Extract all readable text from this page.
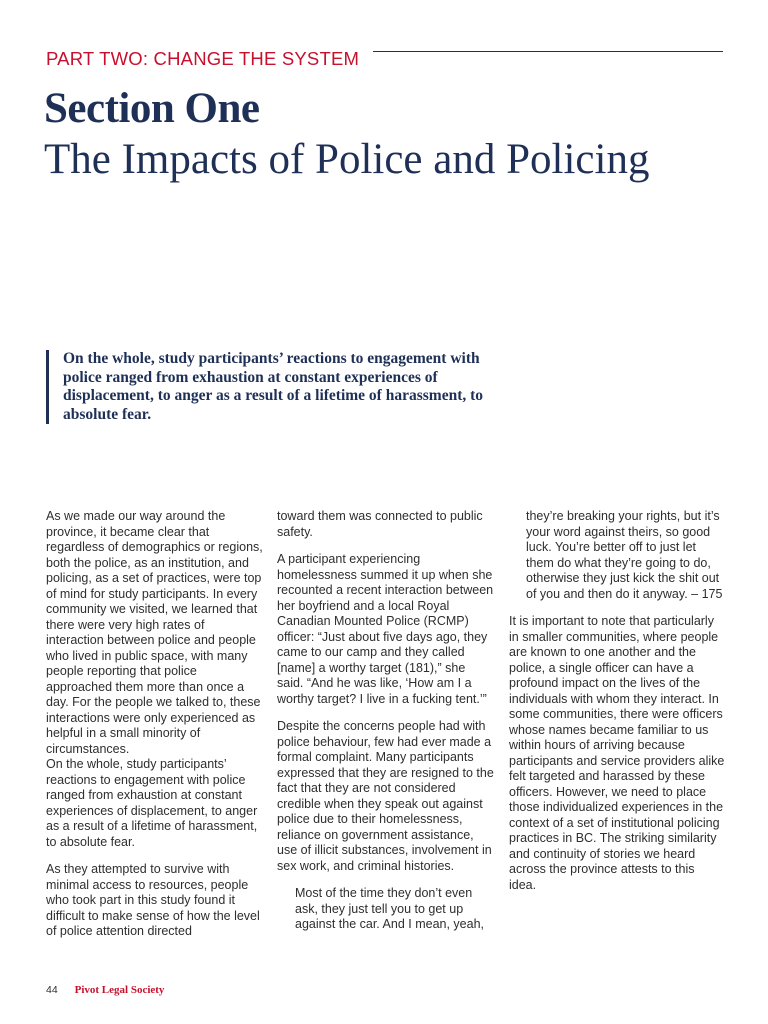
PART TWO: CHANGE THE SYSTEM
Section One
The Impacts of Police and Policing
On the whole, study participants’ reactions to engagement with police ranged from exhaustion at constant experiences of displacement, to anger as a result of a lifetime of harassment, to absolute fear.

As we made our way around the province, it became clear that regardless of demographics or regions, both the police, as an institution, and policing, as a set of practices, were top of mind for study participants. In every community we visited, we learned that there were very high rates of interaction between police and people who lived in public space, with many people reporting that police approached them more than once a day. For the people we talked to, these interactions were only experienced as helpful in a small minority of circumstances.

On the whole, study participants’ reactions to engagement with police ranged from exhaustion at constant experiences of displacement, to anger as a result of a lifetime of harassment, to absolute fear.

As they attempted to survive with minimal access to resources, people who took part in this study found it difficult to make sense of how the level of police attention directed

toward them was connected to public safety.

A participant experiencing homelessness summed it up when she recounted a recent interaction between her boyfriend and a local Royal Canadian Mounted Police (RCMP) officer: “Just about five days ago, they came to our camp and they called [name] a worthy target (181),” she said. “And he was like, ‘How am I a worthy target? I live in a fucking tent.’”

Despite the concerns people had with police behaviour, few had ever made a formal complaint. Many participants expressed that they are resigned to the fact that they are not considered credible when they speak out against police due to their homelessness, reliance on government assistance, use of illicit substances, involvement in sex work, and criminal histories.

Most of the time they don’t even ask, they just tell you to get up against the car. And I mean, yeah,

they’re breaking your rights, but it’s your word against theirs, so good luck. You’re better off to just let them do what they’re going to do, otherwise they just kick the shit out of you and then do it anyway. – 175

It is important to note that particularly in smaller communities, where people are known to one another and the police, a single officer can have a profound impact on the lives of the individuals with whom they interact. In some communities, there were officers whose names became familiar to us within hours of arriving because participants and service providers alike felt targeted and harassed by these officers. However, we need to place those individualized experiences in the context of a set of institutional policing practices in BC. The striking similarity and continuity of stories we heard across the province attests to this idea.

44 Pivot Legal Society
